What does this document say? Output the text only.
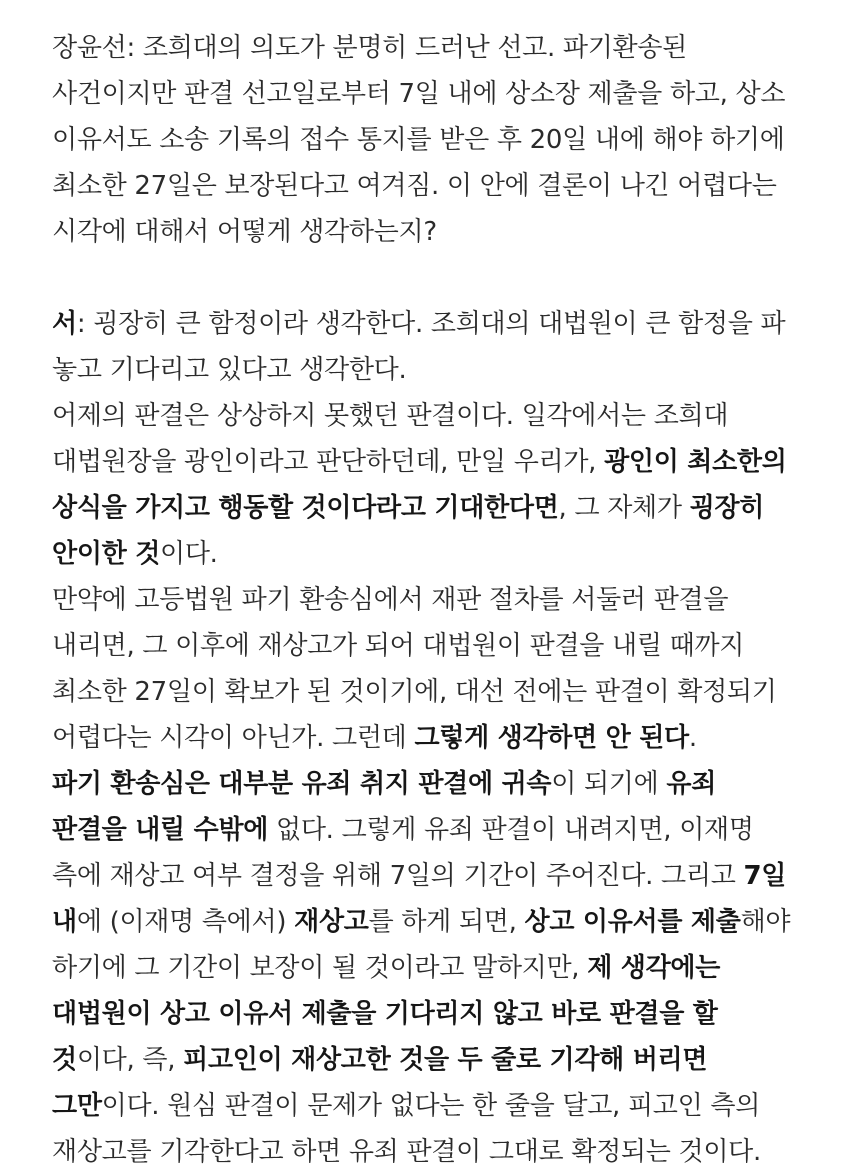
장윤선: 조희대의 의도가 분명히 드러난 선고. 파기환송된 사건이지만 판결 선고일로부터 7일 내에 상소장 제출을 하고, 상소 이유서도 소송 기록의 접수 통지를 받은 후 20일 내에 해야 하기에 최소한 27일은 보장된다고 여겨짐. 이 안에 결론이 나긴 어렵다는 시각에 대해서 어떻게 생각하는지?

서: 굉장히 큰 함정이라 생각한다. 조희대의 대법원이 큰 함정을 파 놓고 기다리고 있다고 생각한다.

어제의 판결은 상상하지 못했던 판결이다. 일각에서는 조희대 대법원장을 광인이라고 판단하던데, 만일 우리가, 광인이 최소한의 상식을 가지고 행동할 것이다라고 기대한다면, 그 자체가 굉장히 안이한 것이다.

만약에 고등법원 파기 환송심에서 재판 절차를 서둘러 판결을 내리면, 그 이후에 재상고가 되어 대법원이 판결을 내릴 때까지 최소한 27일이 확보가 된 것이기에, 대선 전에는 판결이 확정되기 어렵다는 시각이 아닌가. 그런데 그렇게 생각하면 안 된다.

파기 환송심은 대부분 유죄 취지 판결에 귀속이 되기에 유죄 판결을 내릴 수밖에 없다. 그렇게 유죄 판결이 내려지면, 이재명 측에 재상고 여부 결정을 위해 7일의 기간이 주어진다. 그리고 7일 내에 (이재명 측에서) 재상고를 하게 되면, 상고 이유서를 제출해야 하기에 그 기간이 보장이 될 것이라고 말하지만, 제 생각에는 대법원이 상고 이유서 제출을 기다리지 않고 바로 판결을 할 것이다, 즉, 피고인이 재상고한 것을 두 줄로 기각해 버리면 그만이다. 원심 판결이 문제가 없다는 한 줄을 달고, 피고인 측의 재상고를 기각한다고 하면 유죄 판결이 그대로 확정되는 것이다.
